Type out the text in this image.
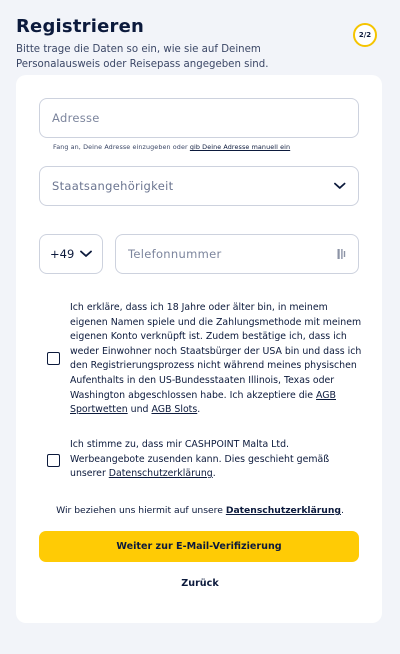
Registrieren
Bitte trage die Daten so ein, wie sie auf Deinem Personalausweis oder Reisepass angegeben sind.
2/2
Adresse
Fang an, Deine Adresse einzugeben oder gib Deine Adresse manuell ein
Staatsangehörigkeit
+49
Telefonnummer
Ich erkläre, dass ich 18 Jahre oder älter bin, in meinem eigenen Namen spiele und die Zahlungsmethode mit meinem eigenen Konto verknüpft ist. Zudem bestätige ich, dass ich weder Einwohner noch Staatsbürger der USA bin und dass ich den Registrierungsprozess nicht während meines physischen Aufenthalts in den US-Bundesstaaten Illinois, Texas oder Washington abgeschlossen habe. Ich akzeptiere die AGB Sportwetten und AGB Slots.
Ich stimme zu, dass mir CASHPOINT Malta Ltd. Werbeangebote zusenden kann. Dies geschieht gemäß unserer Datenschutzerklärung.
Wir beziehen uns hiermit auf unsere Datenschutzerklärung.
Weiter zur E-Mail-Verifizierung
Zurück
